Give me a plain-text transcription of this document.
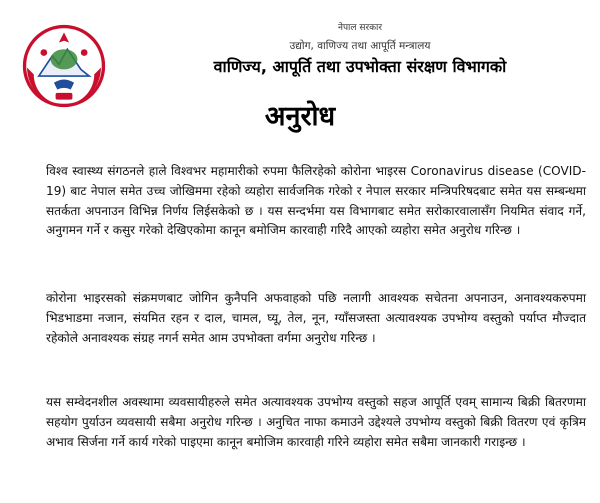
नेपाल सरकार
उद्योग, वाणिज्य तथा आपूर्ति मन्त्रालय
वाणिज्य, आपूर्ति तथा उपभोक्ता संरक्षण विभागको
अनुरोध

विश्व स्वास्थ्य संगठनले हाले विश्वभर महामारीको रुपमा फैलिरहेको कोरोना भाइरस Coronavirus disease (COVID-19) बाट नेपाल समेत उच्च जोखिममा रहेको व्यहोरा सार्वजनिक गरेको र नेपाल सरकार मन्त्रिपरिषदबाट समेत यस सम्बन्धमा सतर्कता अपनाउन विभिन्न निर्णय लिईसकेको छ । यस सन्दर्भमा यस विभागबाट समेत सरोकारवालासँग नियमित संवाद गर्ने, अनुगमन गर्ने र कसुर गरेको देखिएकोमा कानून बमोजिम कारवाही गरिदै आएको व्यहोरा समेत अनुरोध गरिन्छ ।

कोरोना भाइरसको संक्रमणबाट जोगिन कुनैपनि अफवाहको पछि नलागी आवश्यक सचेतना अपनाउन, अनावश्यकरुपमा भिडभाडमा नजान, संयमित रहन र दाल, चामल, घ्यू, तेल, नून, ग्याँसजस्ता अत्यावश्यक उपभोग्य वस्तुको पर्याप्त मौज्दात रहेकोले अनावश्यक संग्रह नगर्न समेत आम उपभोक्ता वर्गमा अनुरोध गरिन्छ ।

यस सम्वेदनशील अवस्थामा व्यवसायीहरुले समेत अत्यावश्यक उपभोग्य वस्तुको सहज आपूर्ति एवम् सामान्य बिक्री बितरणमा सहयोग पुर्याउन व्यवसायी सबैमा अनुरोध गरिन्छ । अनुचित नाफा कमाउने उद्देश्यले उपभोग्य वस्तुको बिक्री वितरण एवं कृत्रिम अभाव सिर्जना गर्ने कार्य गरेको पाइएमा कानून बमोजिम कारवाही गरिने व्यहोरा समेत सबैमा जानकारी गराइन्छ ।
